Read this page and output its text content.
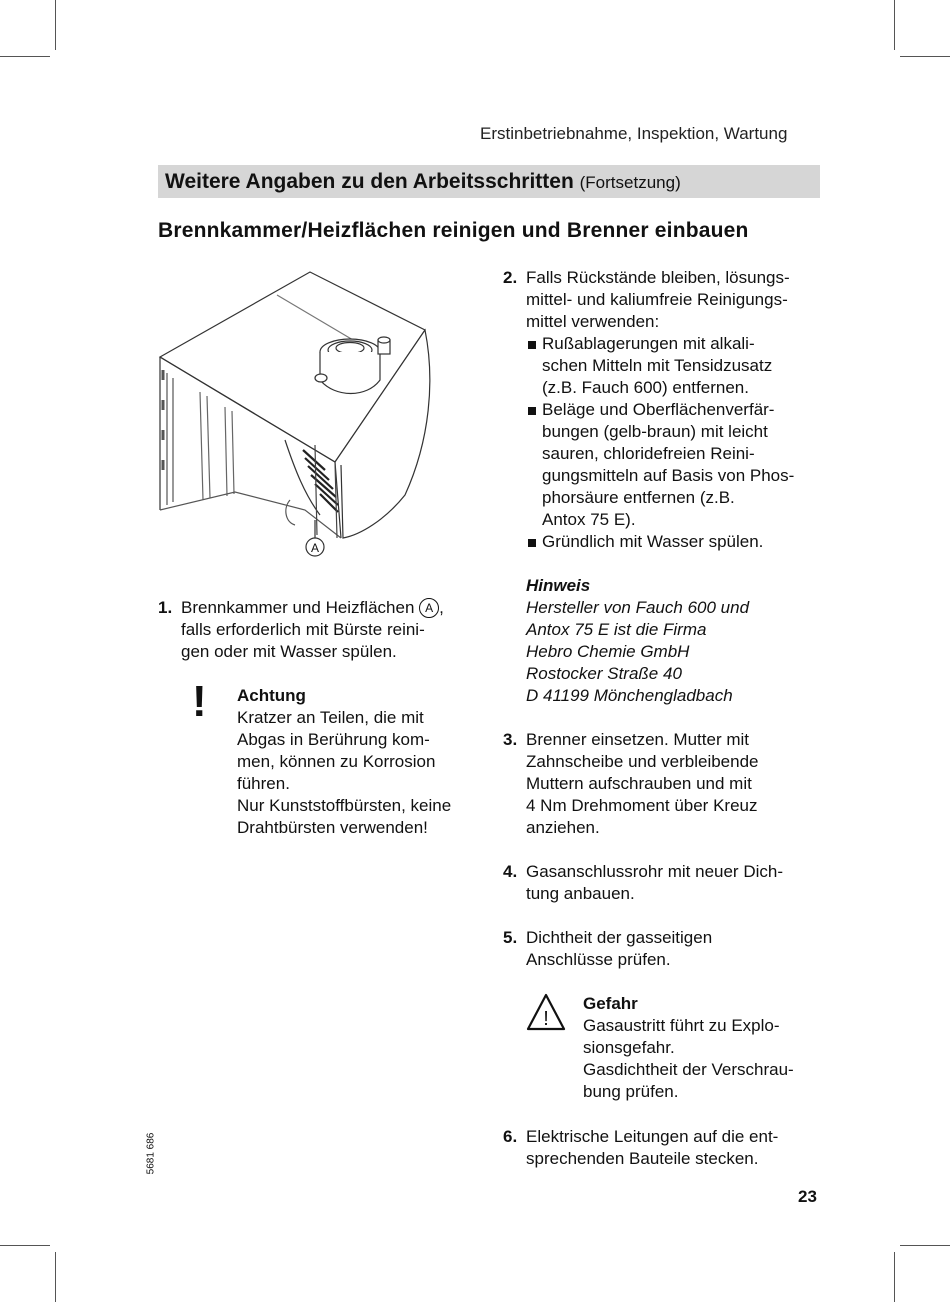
Erstinbetriebnahme, Inspektion, Wartung
Weitere Angaben zu den Arbeitsschritten (Fortsetzung)
Brennkammer/Heizflächen reinigen und Brenner einbauen
A
1. Brennkammer und Heizflächen A ,
falls erforderlich mit Bürste reini-
gen oder mit Wasser spülen.
! Achtung
Kratzer an Teilen, die mit
Abgas in Berührung kom-
men, können zu Korrosion
führen.
Nur Kunststoffbürsten, keine
Drahtbürsten verwenden!
2. Falls Rückstände bleiben, lösungs-
mittel- und kaliumfreie Reinigungs-
mittel verwenden:
Rußablagerungen mit alkali-
schen Mitteln mit Tensidzusatz
(z.B. Fauch 600) entfernen.
Beläge und Oberflächenverfär-
bungen (gelb-braun) mit leicht
sauren, chloridefreien Reini-
gungsmitteln auf Basis von Phos-
phorsäure entfernen (z.B.
Antox 75 E).
Gründlich mit Wasser spülen.
Hinweis
Hersteller von Fauch 600 und
Antox 75 E ist die Firma
Hebro Chemie GmbH
Rostocker Straße 40
D 41199 Mönchengladbach
3. Brenner einsetzen. Mutter mit
Zahnscheibe und verbleibende
Muttern aufschrauben und mit
4 Nm Drehmoment über Kreuz
anziehen.
4. Gasanschlussrohr mit neuer Dich-
tung anbauen.
5. Dichtheit der gasseitigen
Anschlüsse prüfen.
!
Gefahr
Gasaustritt führt zu Explo-
sionsgefahr.
Gasdichtheit der Verschrau-
bung prüfen.
6. Elektrische Leitungen auf die ent-
sprechenden Bauteile stecken.
5681 686
23
